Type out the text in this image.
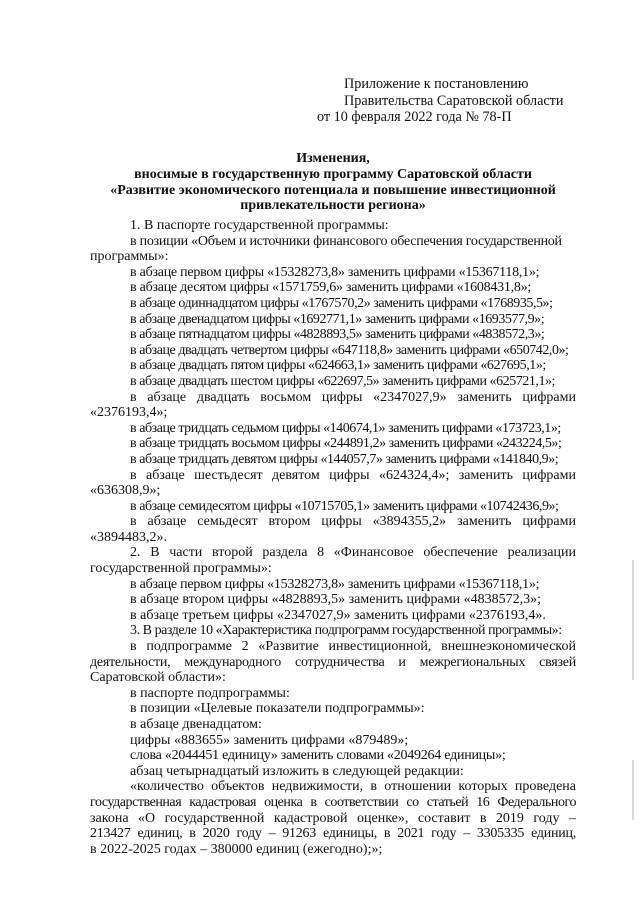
Приложение к постановлению
Правительства Саратовской области
от 10 февраля 2022 года № 78-П
Изменения,
вносимые в государственную программу Саратовской области
«Развитие экономического потенциала и повышение инвестиционной
привлекательности региона»
1. В паспорте государственной программы:
в позиции «Объем и источники финансового обеспечения государственной
программы»:
в абзаце первом цифры «15328273,8» заменить цифрами «15367118,1»;
в абзаце десятом цифры «1571759,6» заменить цифрами «1608431,8»;
в абзаце одиннадцатом цифры «1767570,2» заменить цифрами «1768935,5»;
в абзаце двенадцатом цифры «1692771,1» заменить цифрами «1693577,9»;
в абзаце пятнадцатом цифры «4828893,5» заменить цифрами «4838572,3»;
в абзаце двадцать четвертом цифры «647118,8» заменить цифрами «650742,0»;
в абзаце двадцать пятом цифры «624663,1» заменить цифрами «627695,1»;
в абзаце двадцать шестом цифры «622697,5» заменить цифрами «625721,1»;
в абзаце двадцать восьмом цифры «2347027,9» заменить цифрами
«2376193,4»;
в абзаце тридцать седьмом цифры «140674,1» заменить цифрами «173723,1»;
в абзаце тридцать восьмом цифры «244891,2» заменить цифрами «243224,5»;
в абзаце тридцать девятом цифры «144057,7» заменить цифрами «141840,9»;
в абзаце шестьдесят девятом цифры «624324,4»; заменить цифрами
«636308,9»;
в абзаце семидесятом цифры «10715705,1» заменить цифрами «10742436,9»;
в абзаце семьдесят втором цифры «3894355,2» заменить цифрами
«3894483,2».
2. В части второй раздела 8 «Финансовое обеспечение реализации
государственной программы»:
в абзаце первом цифры «15328273,8» заменить цифрами «15367118,1»;
в абзаце втором цифры «4828893,5» заменить цифрами «4838572,3»;
в абзаце третьем цифры «2347027,9» заменить цифрами «2376193,4».
3. В разделе 10 «Характеристика подпрограмм государственной программы»:
в подпрограмме 2 «Развитие инвестиционной, внешнеэкономической
деятельности, международного сотрудничества и межрегиональных связей
Саратовской области»:
в паспорте подпрограммы:
в позиции «Целевые показатели подпрограммы»:
в абзаце двенадцатом:
цифры «883655» заменить цифрами «879489»;
слова «2044451 единицу» заменить словами «2049264 единицы»;
абзац четырнадцатый изложить в следующей редакции:
«количество объектов недвижимости, в отношении которых проведена
государственная кадастровая оценка в соответствии со статьей 16 Федерального
закона «О государственной кадастровой оценке», составит в 2019 году –
213427 единиц, в 2020 году – 91263 единицы, в 2021 году – 3305335 единиц,
в 2022-2025 годах – 380000 единиц (ежегодно);»;
